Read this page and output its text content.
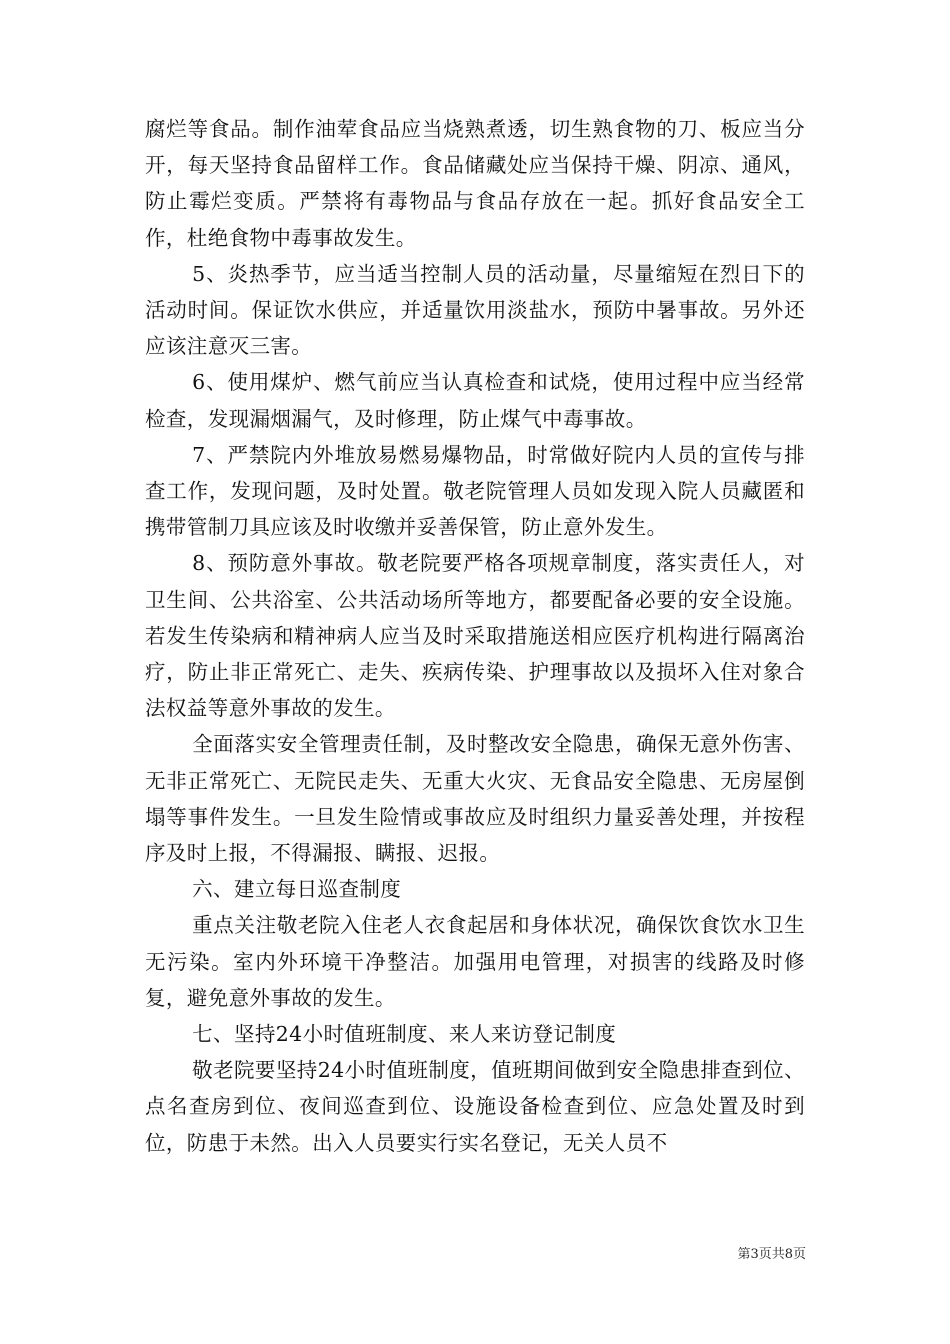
腐烂等食品。制作油荤食品应当烧熟煮透，切生熟食物的刀、板应当分开，每天坚持食品留样工作。食品储藏处应当保持干燥、阴凉、通风，防止霉烂变质。严禁将有毒物品与食品存放在一起。抓好食品安全工作，杜绝食物中毒事故发生。

5、炎热季节，应当适当控制人员的活动量，尽量缩短在烈日下的活动时间。保证饮水供应，并适量饮用淡盐水，预防中暑事故。另外还应该注意灭三害。

6、使用煤炉、燃气前应当认真检查和试烧，使用过程中应当经常检查，发现漏烟漏气，及时修理，防止煤气中毒事故。

7、严禁院内外堆放易燃易爆物品，时常做好院内人员的宣传与排查工作，发现问题，及时处置。敬老院管理人员如发现入院人员藏匿和携带管制刀具应该及时收缴并妥善保管，防止意外发生。

8、预防意外事故。敬老院要严格各项规章制度，落实责任人，对卫生间、公共浴室、公共活动场所等地方，都要配备必要的安全设施。若发生传染病和精神病人应当及时采取措施送相应医疗机构进行隔离治疗，防止非正常死亡、走失、疾病传染、护理事故以及损坏入住对象合法权益等意外事故的发生。

全面落实安全管理责任制，及时整改安全隐患，确保无意外伤害、无非正常死亡、无院民走失、无重大火灾、无食品安全隐患、无房屋倒塌等事件发生。一旦发生险情或事故应及时组织力量妥善处理，并按程序及时上报，不得漏报、瞒报、迟报。

六、建立每日巡查制度

重点关注敬老院入住老人衣食起居和身体状况，确保饮食饮水卫生无污染。室内外环境干净整洁。加强用电管理，对损害的线路及时修复，避免意外事故的发生。

七、坚持24小时值班制度、来人来访登记制度

敬老院要坚持24小时值班制度，值班期间做到安全隐患排查到位、点名查房到位、夜间巡查到位、设施设备检查到位、应急处置及时到位，防患于未然。出入人员要实行实名登记，无关人员不

第3页共8页
